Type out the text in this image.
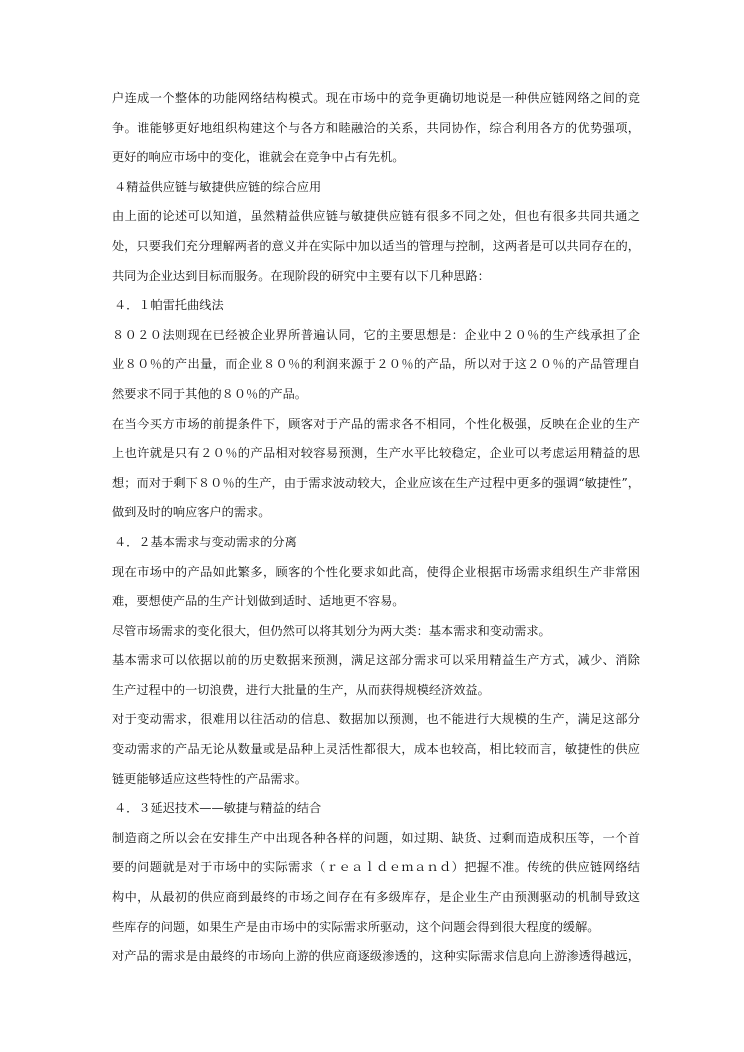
户连成一个整体的功能网络结构模式。现在市场中的竞争更确切地说是一种供应链网络之间的竞
争。谁能够更好地组织构建这个与各方和睦融洽的关系，共同协作，综合利用各方的优势强项，
更好的响应市场中的变化，谁就会在竞争中占有先机。
４精益供应链与敏捷供应链的综合应用
由上面的论述可以知道，虽然精益供应链与敏捷供应链有很多不同之处，但也有很多共同共通之
处，只要我们充分理解两者的意义并在实际中加以适当的管理与控制，这两者是可以共同存在的，
共同为企业达到目标而服务。在现阶段的研究中主要有以下几种思路：
４．１帕雷托曲线法
８０２０法则现在已经被企业界所普遍认同，它的主要思想是：企业中２０％的生产线承担了企
业８０％的产出量，而企业８０％的利润来源于２０％的产品，所以对于这２０％的产品管理自
然要求不同于其他的８０％的产品。
在当今买方市场的前提条件下，顾客对于产品的需求各不相同，个性化极强，反映在企业的生产
上也许就是只有２０％的产品相对较容易预测，生产水平比较稳定，企业可以考虑运用精益的思
想；而对于剩下８０％的生产，由于需求波动较大，企业应该在生产过程中更多的强调“敏捷性”，
做到及时的响应客户的需求。
４．２基本需求与变动需求的分离
现在市场中的产品如此繁多，顾客的个性化要求如此高，使得企业根据市场需求组织生产非常困
难，要想使产品的生产计划做到适时、适地更不容易。
尽管市场需求的变化很大，但仍然可以将其划分为两大类：基本需求和变动需求。
基本需求可以依据以前的历史数据来预测，满足这部分需求可以采用精益生产方式，减少、消除
生产过程中的一切浪费，进行大批量的生产，从而获得规模经济效益。
对于变动需求，很难用以往活动的信息、数据加以预测，也不能进行大规模的生产，满足这部分
变动需求的产品无论从数量或是品种上灵活性都很大，成本也较高，相比较而言，敏捷性的供应
链更能够适应这些特性的产品需求。
４．３延迟技术——敏捷与精益的结合
制造商之所以会在安排生产中出现各种各样的问题，如过期、缺货、过剩而造成积压等，一个首
要的问题就是对于市场中的实际需求（ｒｅａｌｄｅｍａｎｄ）把握不准。传统的供应链网络结
构中，从最初的供应商到最终的市场之间存在有多级库存，是企业生产由预测驱动的机制导致这
些库存的问题，如果生产是由市场中的实际需求所驱动，这个问题会得到很大程度的缓解。
对产品的需求是由最终的市场向上游的供应商逐级渗透的，这种实际需求信息向上游渗透得越远，
